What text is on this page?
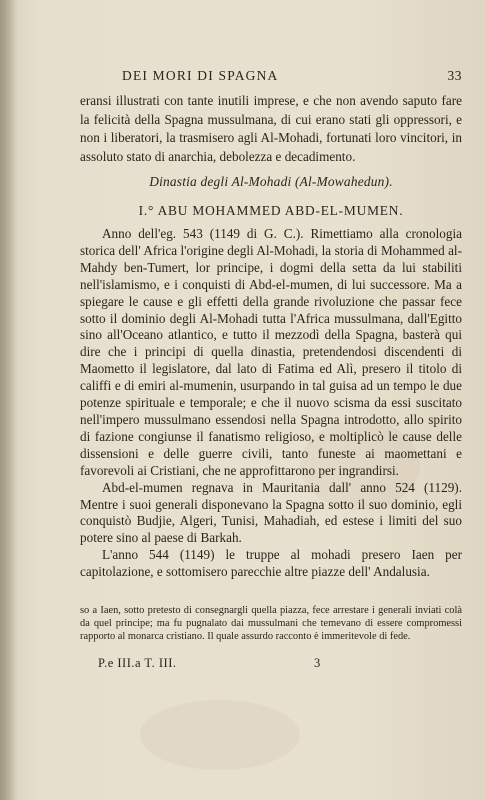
DEI MORI DI SPAGNA	33

eransi illustrati con tante inutili imprese, e che non avendo saputo fare la felicità della Spagna mussulmana, di cui erano stati gli oppressori, e non i liberatori, la trasmisero agli Al-Mohadi, fortunati loro vincitori, in assoluto stato di anarchia, debolezza e decadimento.

Dinastia degli Al-Mohadi (Al-Mowahedun).
I.° ABU MOHAMMED ABD-EL-MUMEN.

Anno dell'eg. 543 (1149 di G. C.). Rimettiamo alla cronologia storica dell' Africa l'origine degli Al-Mohadi, la storia di Mohammed al-Mahdy ben-Tumert, lor principe, i dogmi della setta da lui stabiliti nell'islamismo, e i conquisti di Abd-el-mumen, di lui successore. Ma a spiegare le cause e gli effetti della grande rivoluzione che passar fece sotto il dominio degli Al-Mohadi tutta l'Africa mussulmana, dall'Egitto sino all'Oceano atlantico, e tutto il mezzodì della Spagna, basterà qui dire che i principi di quella dinastia, pretendendosi discendenti di Maometto il legislatore, dal lato di Fatima ed Alì, presero il titolo di califfi e di emiri al-mumenin, usurpando in tal guisa ad un tempo le due potenze spirituale e temporale; e che il nuovo scisma da essi suscitato nell'impero mussulmano essendosi nella Spagna introdotto, allo spirito di fazione congiunse il fanatismo religioso, e moltiplicò le cause delle dissensioni e delle guerre civili, tanto funeste ai maomettani e favorevoli ai Cristiani, che ne approfittarono per ingrandirsi.

Abd-el-mumen regnava in Mauritania dall' anno 524 (1129). Mentre i suoi generali disponevano la Spagna sotto il suo dominio, egli conquistò Budjie, Algeri, Tunisi, Mahadiah, ed estese i limiti del suo potere sino al paese di Barkah.

L'anno 544 (1149) le truppe al mohadi presero Iaen per capitolazione, e sottomisero parecchie altre piazze dell' Andalusia.

so a Iaen, sotto pretesto di consegnargli quella piazza, fece arrestare i generali inviati colà da quel principe; ma fu pugnalato dai mussulmani che temevano di essere compromessi rapporto al monarca cristiano. Il quale assurdo racconto è immeritevole di fede.

P.e III.a T. III.	3
